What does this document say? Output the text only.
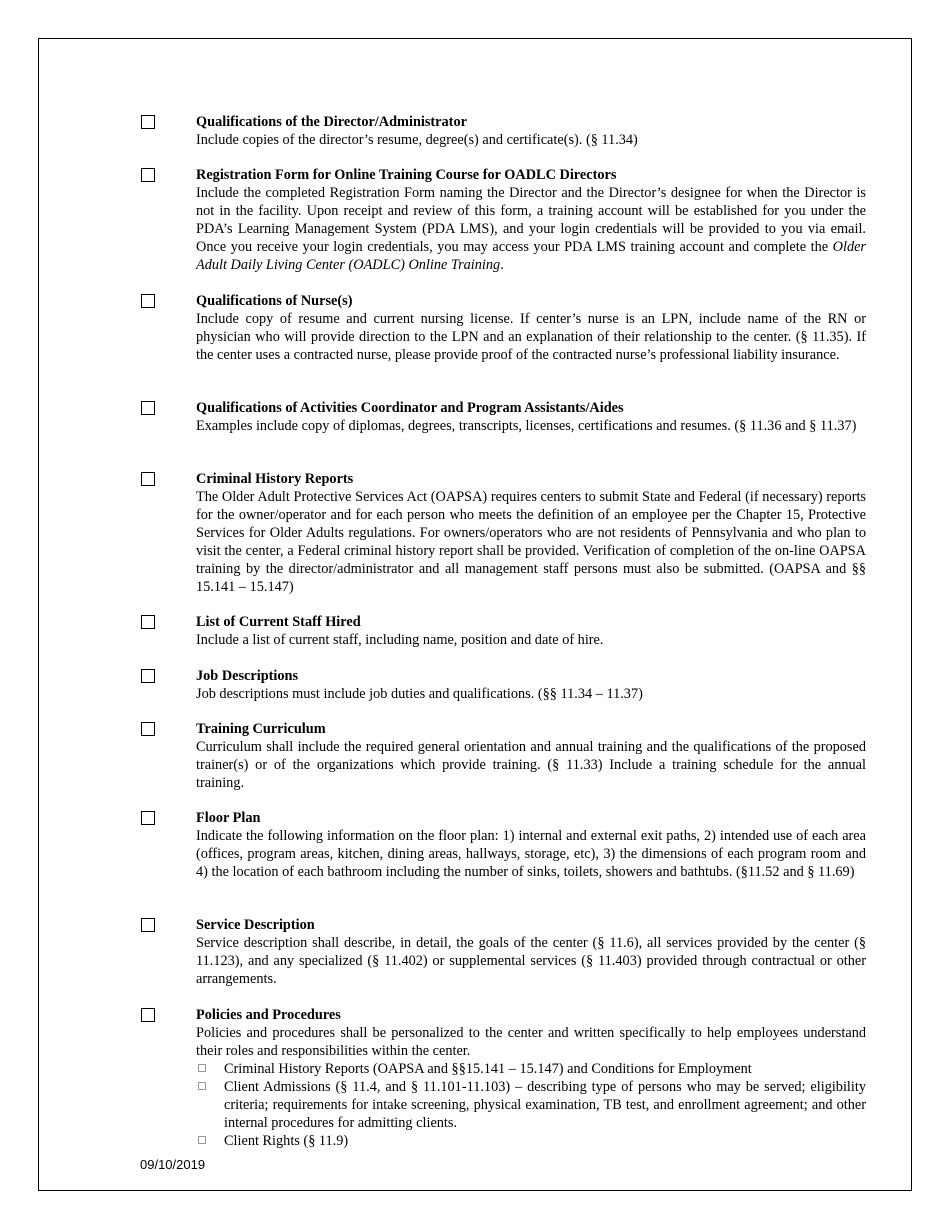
Qualifications of the Director/Administrator
Include copies of the director’s resume, degree(s) and certificate(s). (§ 11.34)
Registration Form for Online Training Course for OADLC Directors
Include the completed Registration Form naming the Director and the Director’s designee for when the Director is not in the facility. Upon receipt and review of this form, a training account will be established for you under the PDA’s Learning Management System (PDA LMS), and your login credentials will be provided to you via email. Once you receive your login credentials, you may access your PDA LMS training account and complete the Older Adult Daily Living Center (OADLC) Online Training.
Qualifications of Nurse(s)
Include copy of resume and current nursing license. If center’s nurse is an LPN, include name of the RN or physician who will provide direction to the LPN and an explanation of their relationship to the center. (§ 11.35). If the center uses a contracted nurse, please provide proof of the contracted nurse’s professional liability insurance.
Qualifications of Activities Coordinator and Program Assistants/Aides
Examples include copy of diplomas, degrees, transcripts, licenses, certifications and resumes. (§ 11.36 and § 11.37)
Criminal History Reports
The Older Adult Protective Services Act (OAPSA) requires centers to submit State and Federal (if necessary) reports for the owner/operator and for each person who meets the definition of an employee per the Chapter 15, Protective Services for Older Adults regulations. For owners/operators who are not residents of Pennsylvania and who plan to visit the center, a Federal criminal history report shall be provided. Verification of completion of the on-line OAPSA training by the director/administrator and all management staff persons must also be submitted. (OAPSA and §§ 15.141 – 15.147)
List of Current Staff Hired
Include a list of current staff, including name, position and date of hire.
Job Descriptions
Job descriptions must include job duties and qualifications. (§§ 11.34 – 11.37)
Training Curriculum
Curriculum shall include the required general orientation and annual training and the qualifications of the proposed trainer(s) or of the organizations which provide training. (§ 11.33) Include a training schedule for the annual training.
Floor Plan
Indicate the following information on the floor plan: 1) internal and external exit paths, 2) intended use of each area (offices, program areas, kitchen, dining areas, hallways, storage, etc), 3) the dimensions of each program room and 4) the location of each bathroom including the number of sinks, toilets, showers and bathtubs. (§11.52 and § 11.69)
Service Description
Service description shall describe, in detail, the goals of the center (§ 11.6), all services provided by the center (§ 11.123), and any specialized (§ 11.402) or supplemental services (§ 11.403) provided through contractual or other arrangements.
Policies and Procedures
Policies and procedures shall be personalized to the center and written specifically to help employees understand their roles and responsibilities within the center.
Criminal History Reports (OAPSA and §§15.141 – 15.147) and Conditions for Employment
Client Admissions (§ 11.4, and § 11.101-11.103) – describing type of persons who may be served; eligibility criteria; requirements for intake screening, physical examination, TB test, and enrollment agreement; and other internal procedures for admitting clients.
Client Rights (§ 11.9)
09/10/2019
